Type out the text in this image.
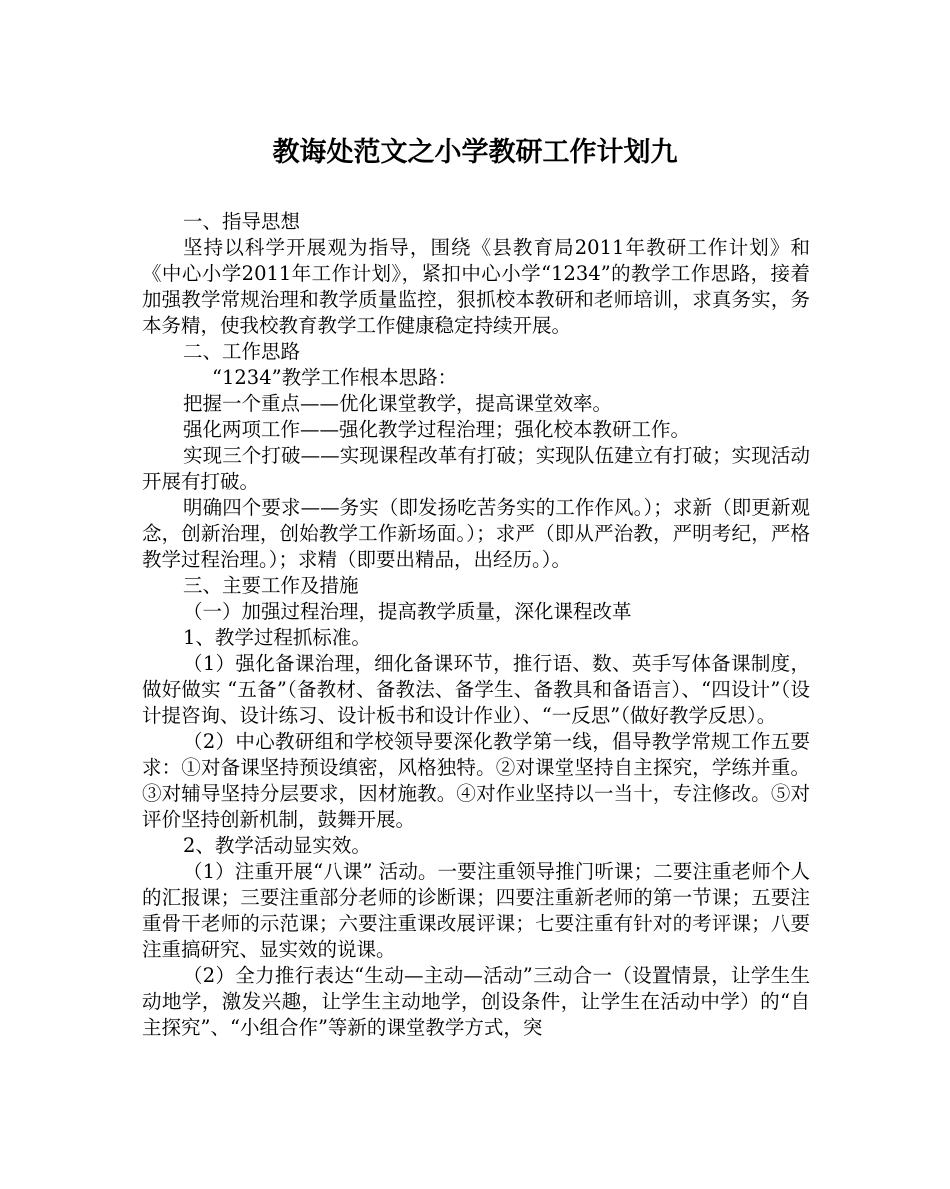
教诲处范文之小学教研工作计划九

一、指导思想

坚持以科学开展观为指导，围绕《县教育局2011年教研工作计划》和《中心小学2011年工作计划》，紧扣中心小学“1234”的教学工作思路，接着加强教学常规治理和教学质量监控，狠抓校本教研和老师培训，求真务实，务本务精，使我校教育教学工作健康稳定持续开展。

二、工作思路

“1234”教学工作根本思路：

把握一个重点——优化课堂教学，提高课堂效率。

强化两项工作——强化教学过程治理；强化校本教研工作。

实现三个打破——实现课程改革有打破；实现队伍建立有打破；实现活动开展有打破。

明确四个要求——务实（即发扬吃苦务实的工作作风。）；求新（即更新观念，创新治理，创始教学工作新场面。）；求严（即从严治教，严明考纪，严格教学过程治理。）；求精（即要出精品，出经历。）。

三、主要工作及措施

（一）加强过程治理，提高教学质量，深化课程改革

1、教学过程抓标准。

（1）强化备课治理，细化备课环节，推行语、数、英手写体备课制度，做好做实 “五备”（备教材、备教法、备学生、备教具和备语言）、“四设计”（设计提咨询、设计练习、设计板书和设计作业）、“一反思”（做好教学反思）。

（2）中心教研组和学校领导要深化教学第一线，倡导教学常规工作五要求：①对备课坚持预设缜密，风格独特。②对课堂坚持自主探究，学练并重。③对辅导坚持分层要求，因材施教。④对作业坚持以一当十，专注修改。⑤对评价坚持创新机制，鼓舞开展。

2、教学活动显实效。

（1）注重开展“八课” 活动。一要注重领导推门听课；二要注重老师个人的汇报课；三要注重部分老师的诊断课；四要注重新老师的第一节课；五要注重骨干老师的示范课；六要注重课改展评课；七要注重有针对的考评课；八要注重搞研究、显实效的说课。

（2）全力推行表达“生动—主动—活动”三动合一（设置情景，让学生生动地学，激发兴趣，让学生主动地学，创设条件，让学生在活动中学）的“自主探究”、“小组合作”等新的课堂教学方式，突
